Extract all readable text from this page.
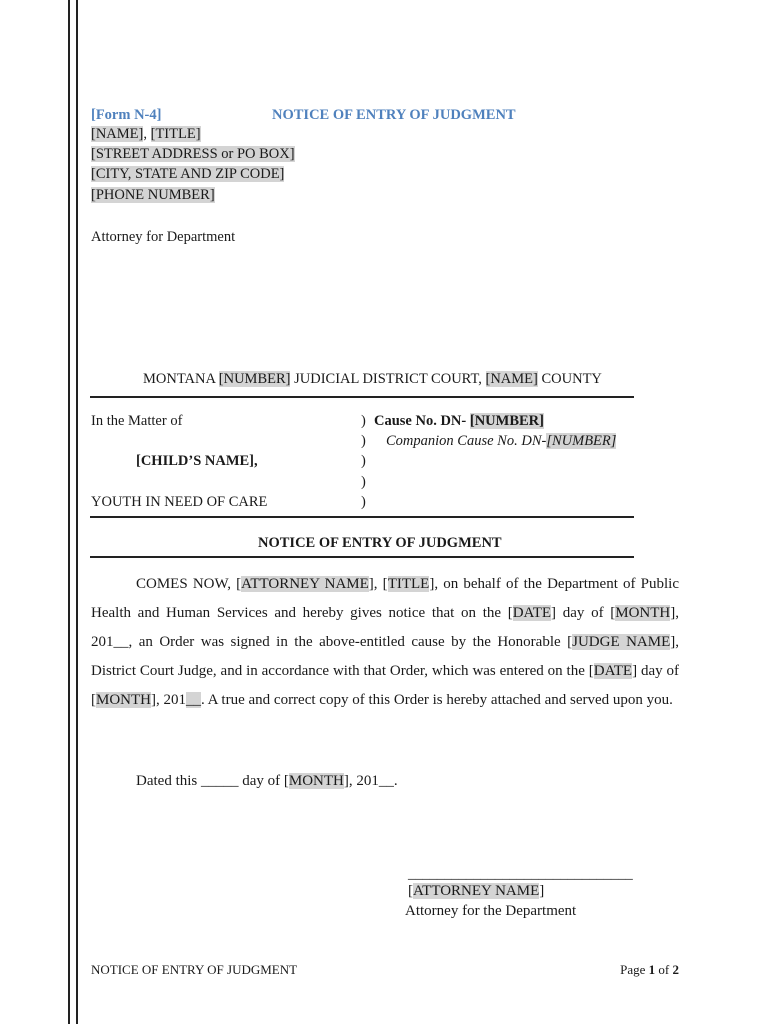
[Form N-4]	NOTICE OF ENTRY OF JUDGMENT
[NAME], [TITLE]
[STREET ADDRESS or PO BOX]
[CITY, STATE AND ZIP CODE]
[PHONE NUMBER]
Attorney for Department
MONTANA [NUMBER] JUDICIAL DISTRICT COURT, [NAME] COUNTY
In the Matter of
[CHILD’S NAME],
YOUTH IN NEED OF CARE
)
)
)
)
)
Cause No. DN- [NUMBER]
Companion Cause No. DN-[NUMBER]
NOTICE OF ENTRY OF JUDGMENT
COMES NOW, [ATTORNEY NAME], [TITLE], on behalf of the Department of Public Health and Human Services and hereby gives notice that on the [DATE] day of [MONTH], 201__, an Order was signed in the above-entitled cause by the Honorable [JUDGE NAME], District Court Judge, and in accordance with that Order, which was entered on the [DATE] day of [MONTH], 201__. A true and correct copy of this Order is hereby attached and served upon you.
Dated this _____ day of [MONTH], 201__.
_______________________________
[ATTORNEY NAME]
Attorney for the Department
NOTICE OF ENTRY OF JUDGMENT	Page 1 of 2
